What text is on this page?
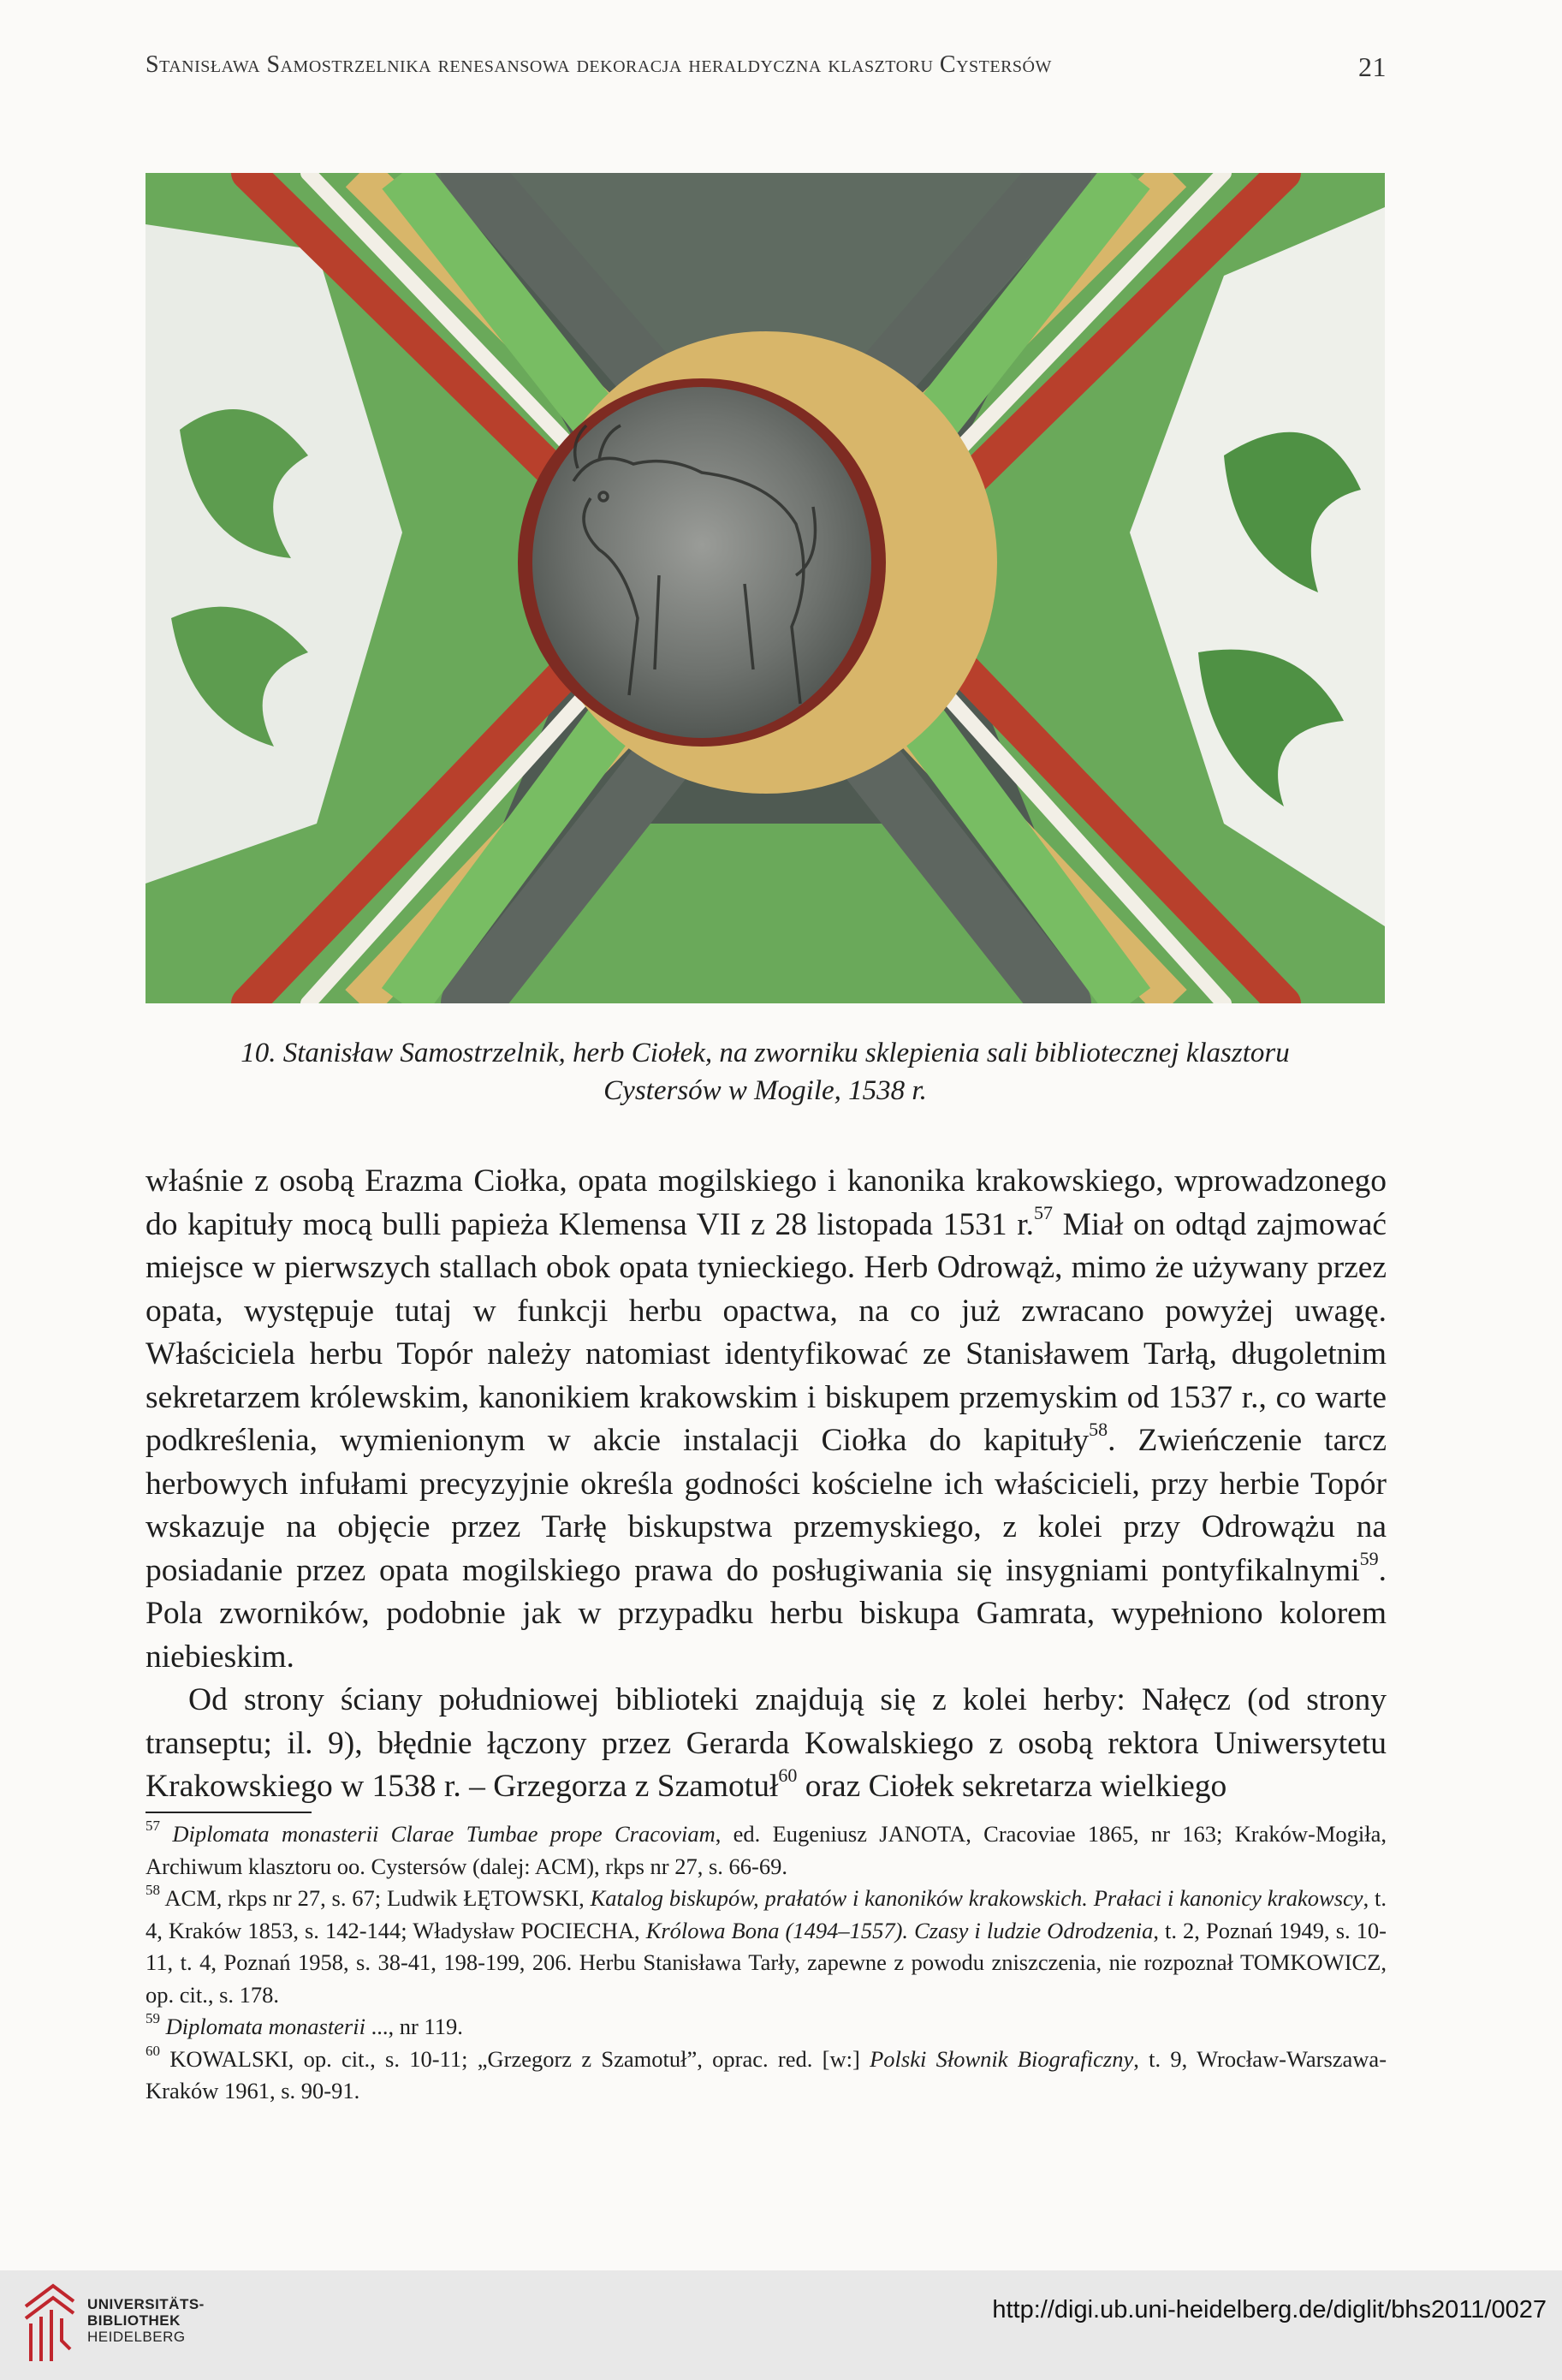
Stanisława Samostrzelnika renesansowa dekoracja heraldyczna klasztoru Cystersów	21
10. Stanisław Samostrzelnik, herb Ciołek, na zworniku sklepienia sali bibliotecznej klasztoru
Cystersów w Mogile, 1538 r.

właśnie z osobą Erazma Ciołka, opata mogilskiego i kanonika krakowskiego, wprowadzonego do kapituły mocą bulli papieża Klemensa VII z 28 listopada 1531 r.$^{57}$ Miał on odtąd zajmować miejsce w pierwszych stallach obok opata tynieckiego. Herb Odrowąż, mimo że używany przez opata, występuje tutaj w funkcji herbu opactwa, na co już zwracano powyżej uwagę. Właściciela herbu Topór należy natomiast identyfikować ze Stanisławem Tarłą, długoletnim sekretarzem królewskim, kanonikiem krakowskim i biskupem przemyskim od 1537 r., co warte podkreślenia, wymienionym w akcie instalacji Ciołka do kapituły$^{58}$. Zwieńczenie tarcz herbowych infułami precyzyjnie określa godności kościelne ich właścicieli, przy herbie Topór wskazuje na objęcie przez Tarłę biskupstwa przemyskiego, z kolei przy Odrowążu na posiadanie przez opata mogilskiego prawa do posługiwania się insygniami pontyfikalnymi$^{59}$. Pola zworników, podobnie jak w przypadku herbu biskupa Gamrata, wypełniono kolorem niebieskim.

Od strony ściany południowej biblioteki znajdują się z kolei herby: Nałęcz (od strony transeptu; il. 9), błędnie łączony przez Gerarda Kowalskiego z osobą rektora Uniwersytetu Krakowskiego w 1538 r. – Grzegorza z Szamotuł$^{60}$ oraz Ciołek sekretarza wielkiego

$^{57}$ Diplomata monasterii Clarae Tumbae prope Cracoviam, ed. Eugeniusz JANOTA, Cracoviae 1865, nr 163; Kraków-Mogiła, Archiwum klasztoru oo. Cystersów (dalej: ACM), rkps nr 27, s. 66-69.

$^{58}$ ACM, rkps nr 27, s. 67; Ludwik ŁĘTOWSKI, Katalog biskupów, prałatów i kanoników krakowskich. Prałaci i kanonicy krakowscy, t. 4, Kraków 1853, s. 142-144; Władysław POCIECHA, Królowa Bona (1494–1557). Czasy i ludzie Odrodzenia, t. 2, Poznań 1949, s. 10-11, t. 4, Poznań 1958, s. 38-41, 198-199, 206. Herbu Stanisława Tarły, zapewne z powodu zniszczenia, nie rozpoznał TOMKOWICZ, op. cit., s. 178.

$^{59}$ Diplomata monasterii ..., nr 119.

$^{60}$ KOWALSKI, op. cit., s. 10-11; „Grzegorz z Szamotuł”, oprac. red. [w:] Polski Słownik Biograficzny, t. 9, Wrocław-Warszawa-Kraków 1961, s. 90-91.

UNIVERSITÄTS-
BIBLIOTHEK
HEIDELBERG
http://digi.ub.uni-heidelberg.de/diglit/bhs2011/0027
